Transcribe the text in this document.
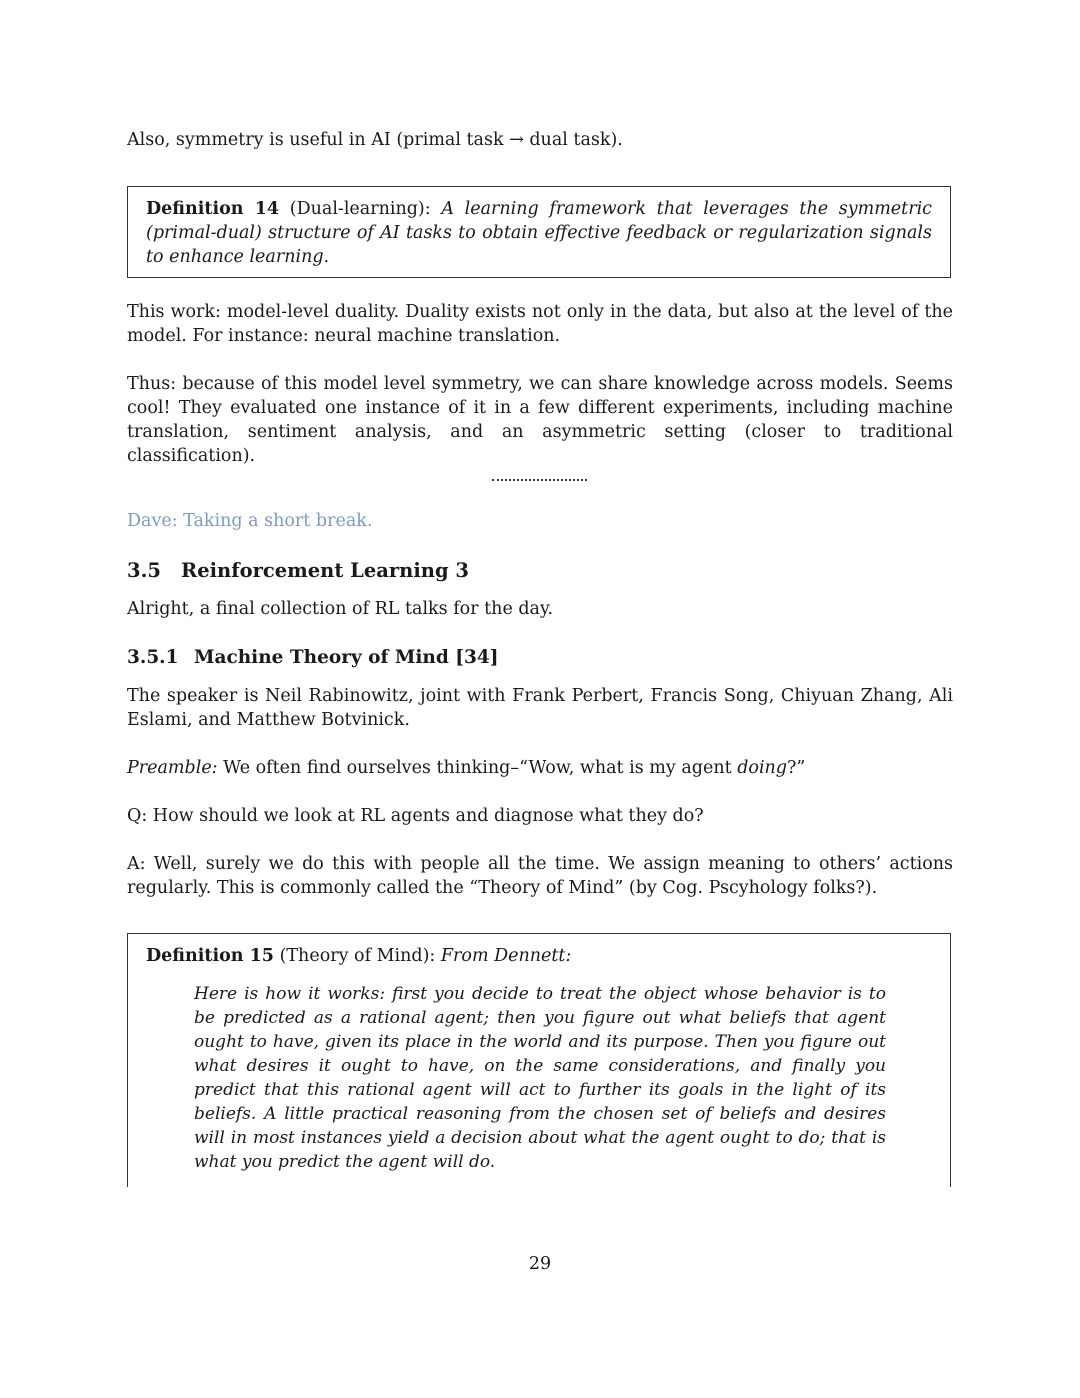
Also, symmetry is useful in AI (primal task → dual task).

Definition 14 (Dual-learning): A learning framework that leverages the symmetric (primal-dual) structure of AI tasks to obtain effective feedback or regularization signals to enhance learning.

This work: model-level duality. Duality exists not only in the data, but also at the level of the model. For instance: neural machine translation.

Thus: because of this model level symmetry, we can share knowledge across models. Seems cool! They evaluated one instance of it in a few different experiments, including machine translation, sentiment analysis, and an asymmetric setting (closer to traditional classification).

Dave: Taking a short break.

3.5 Reinforcement Learning 3

Alright, a final collection of RL talks for the day.

3.5.1 Machine Theory of Mind [34]

The speaker is Neil Rabinowitz, joint with Frank Perbert, Francis Song, Chiyuan Zhang, Ali Eslami, and Matthew Botvinick.

Preamble: We often find ourselves thinking–“Wow, what is my agent doing?”

Q: How should we look at RL agents and diagnose what they do?

A: Well, surely we do this with people all the time. We assign meaning to others’ actions regularly. This is commonly called the “Theory of Mind” (by Cog. Pscyhology folks?).

Definition 15 (Theory of Mind): From Dennett:

Here is how it works: first you decide to treat the object whose behavior is to be predicted as a rational agent; then you figure out what beliefs that agent ought to have, given its place in the world and its purpose. Then you figure out what desires it ought to have, on the same considerations, and finally you predict that this rational agent will act to further its goals in the light of its beliefs. A little practical reasoning from the chosen set of beliefs and desires will in most instances yield a decision about what the agent ought to do; that is what you predict the agent will do.
29
